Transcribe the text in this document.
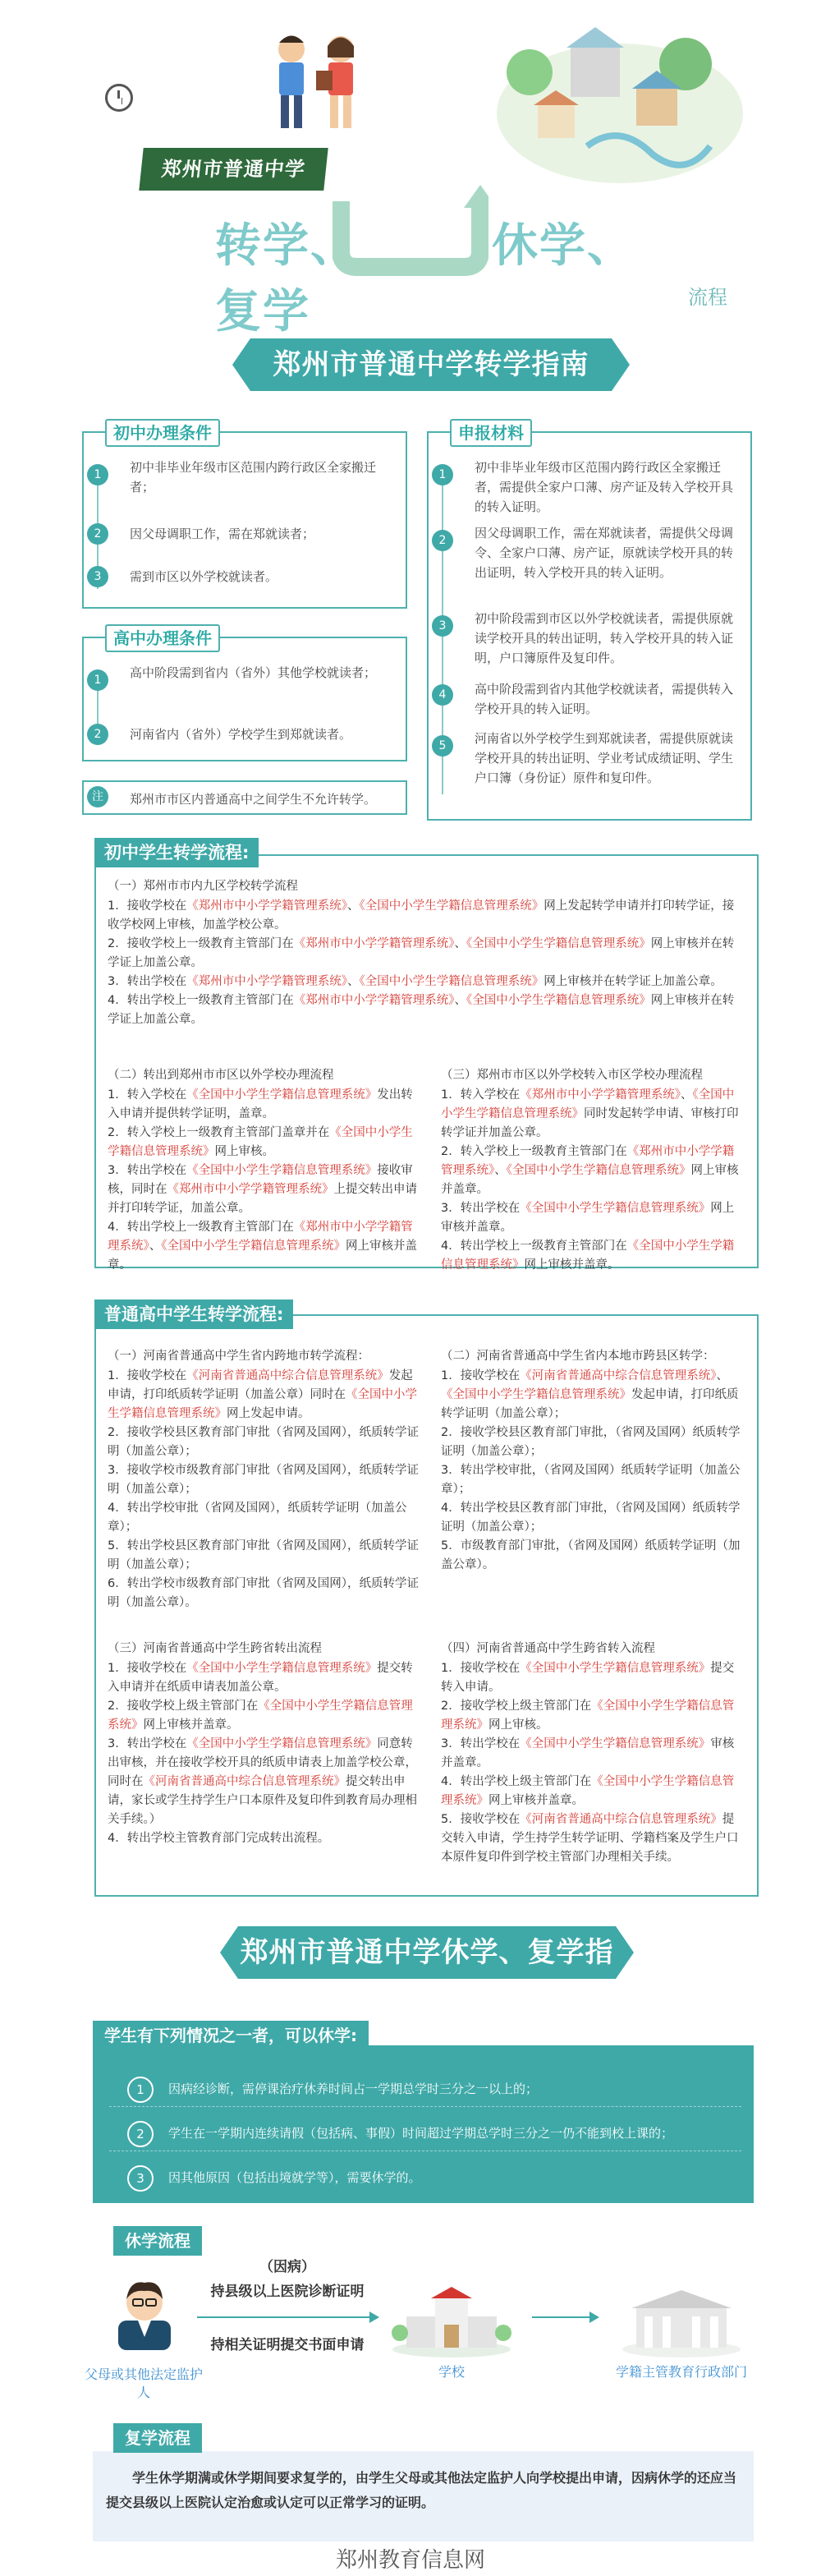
郑州市普通中学
转学、	休学、 复学	流程
郑州市普通中学转学指南
1	初中非毕业年级市区范围内跨行政区全家搬迁者；
2	因父母调职工作，需在郑就读者；
3	需到市区以外学校就读者。
初中办理条件
1	高中阶段需到省内（省外）其他学校就读者；
2	河南省内（省外）学校学生到郑就读者。
高中办理条件
注	郑州市市区内普通高中之间学生不允许转学。
1	初中非毕业年级市区范围内跨行政区全家搬迁者，需提供全家户口薄、房产证及转入学校开具的转入证明。
2	因父母调职工作，需在郑就读者，需提供父母调令、全家户口薄、房产证，原就读学校开具的转出证明，转入学校开具的转入证明。
3	初中阶段需到市区以外学校就读者，需提供原就读学校开具的转出证明，转入学校开具的转入证明，户口簿原件及复印件。
4	高中阶段需到省内其他学校就读者，需提供转入学校开具的转入证明。
5	河南省以外学校学生到郑就读者，需提供原就读学校开具的转出证明、学业考试成绩证明、学生户口簿（身份证）原件和复印件。
申报材料
（一）郑州市市内九区学校转学流程
1．接收学校在《郑州市中小学学籍管理系统》、《全国中小学生学籍信息管理系统》网上发起转学申请并打印转学证，接收学校网上审核，加盖学校公章。
2．接收学校上一级教育主管部门在《郑州市中小学学籍管理系统》、《全国中小学生学籍信息管理系统》网上审核并在转学证上加盖公章。
3．转出学校在《郑州市中小学学籍管理系统》、《全国中小学生学籍信息管理系统》网上审核并在转学证上加盖公章。
4．转出学校上一级教育主管部门在《郑州市中小学学籍管理系统》、《全国中小学生学籍信息管理系统》网上审核并在转学证上加盖公章。
（二）转出到郑州市市区以外学校办理流程
1．转入学校在《全国中小学生学籍信息管理系统》发出转入申请并提供转学证明，盖章。
2．转入学校上一级教育主管部门盖章并在《全国中小学生学籍信息管理系统》网上审核。
3．转出学校在《全国中小学生学籍信息管理系统》接收审核，同时在《郑州市中小学学籍管理系统》上提交转出申请并打印转学证，加盖公章。
4．转出学校上一级教育主管部门在《郑州市中小学学籍管理系统》、《全国中小学生学籍信息管理系统》网上审核并盖章。
（三）郑州市市区以外学校转入市区学校办理流程
1．转入学校在《郑州市中小学学籍管理系统》、《全国中小学生学籍信息管理系统》同时发起转学申请、审核打印转学证并加盖公章。
2．转入学校上一级教育主管部门在《郑州市中小学学籍管理系统》、《全国中小学生学籍信息管理系统》网上审核并盖章。
3．转出学校在《全国中小学生学籍信息管理系统》网上审核并盖章。
4．转出学校上一级教育主管部门在《全国中小学生学籍信息管理系统》网上审核并盖章。
初中学生转学流程:
（一）河南省普通高中学生省内跨地市转学流程：
1．接收学校在《河南省普通高中综合信息管理系统》发起申请，打印纸质转学证明（加盖公章）同时在《全国中小学生学籍信息管理系统》网上发起申请。
2．接收学校县区教育部门审批（省网及国网），纸质转学证明（加盖公章）；
3．接收学校市级教育部门审批（省网及国网），纸质转学证明（加盖公章）；
4．转出学校审批（省网及国网），纸质转学证明（加盖公章）；
5．转出学校县区教育部门审批（省网及国网），纸质转学证明（加盖公章）；
6．转出学校市级教育部门审批（省网及国网），纸质转学证明（加盖公章）。
（二）河南省普通高中学生省内本地市跨县区转学：
1．接收学校在《河南省普通高中综合信息管理系统》、《全国中小学生学籍信息管理系统》发起申请，打印纸质转学证明（加盖公章）；
2．接收学校县区教育部门审批，（省网及国网）纸质转学证明（加盖公章）；
3．转出学校审批，（省网及国网）纸质转学证明（加盖公章）；
4．转出学校县区教育部门审批，（省网及国网）纸质转学证明（加盖公章）；
5．市级教育部门审批，（省网及国网）纸质转学证明（加盖公章）。
（三）河南省普通高中学生跨省转出流程
1．接收学校在《全国中小学生学籍信息管理系统》提交转入申请并在纸质申请表加盖公章。
2．接收学校上级主管部门在《全国中小学生学籍信息管理系统》网上审核并盖章。
3．转出学校在《全国中小学生学籍信息管理系统》同意转出审核，并在接收学校开具的纸质申请表上加盖学校公章，同时在《河南省普通高中综合信息管理系统》提交转出申请，家长或学生持学生户口本原件及复印件到教育局办理相关手续。）
4．转出学校主管教育部门完成转出流程。
（四）河南省普通高中学生跨省转入流程
1．接收学校在《全国中小学生学籍信息管理系统》提交转入申请。
2．接收学校上级主管部门在《全国中小学生学籍信息管理系统》网上审核。
3．转出学校在《全国中小学生学籍信息管理系统》审核并盖章。
4．转出学校上级主管部门在《全国中小学生学籍信息管理系统》网上审核并盖章。
5．接收学校在《河南省普通高中综合信息管理系统》提交转入申请，学生持学生转学证明、学籍档案及学生户口本原件复印件到学校主管部门办理相关手续。
普通高中学生转学流程:
郑州市普通中学休学、复学指南
1	因病经诊断，需停课治疗休养时间占一学期总学时三分之一以上的；
2	学生在一学期内连续请假（包括病、事假）时间超过学期总学时三分之一仍不能到校上课的；
3	因其他原因（包括出境就学等），需要休学的。
学生有下列情况之一者，可以休学:
休学流程
父母或其他法定监护人
（因病）
持县级以上医院诊断证明
持相关证明提交书面申请
学校	学籍主管教育行政部门
学生休学期满或休学期间要求复学的，由学生父母或其他法定监护人向学校提出申请，因病休学的还应当提交县级以上医院认定治愈或认定可以正常学习的证明。
复学流程
郑州教育信息网
